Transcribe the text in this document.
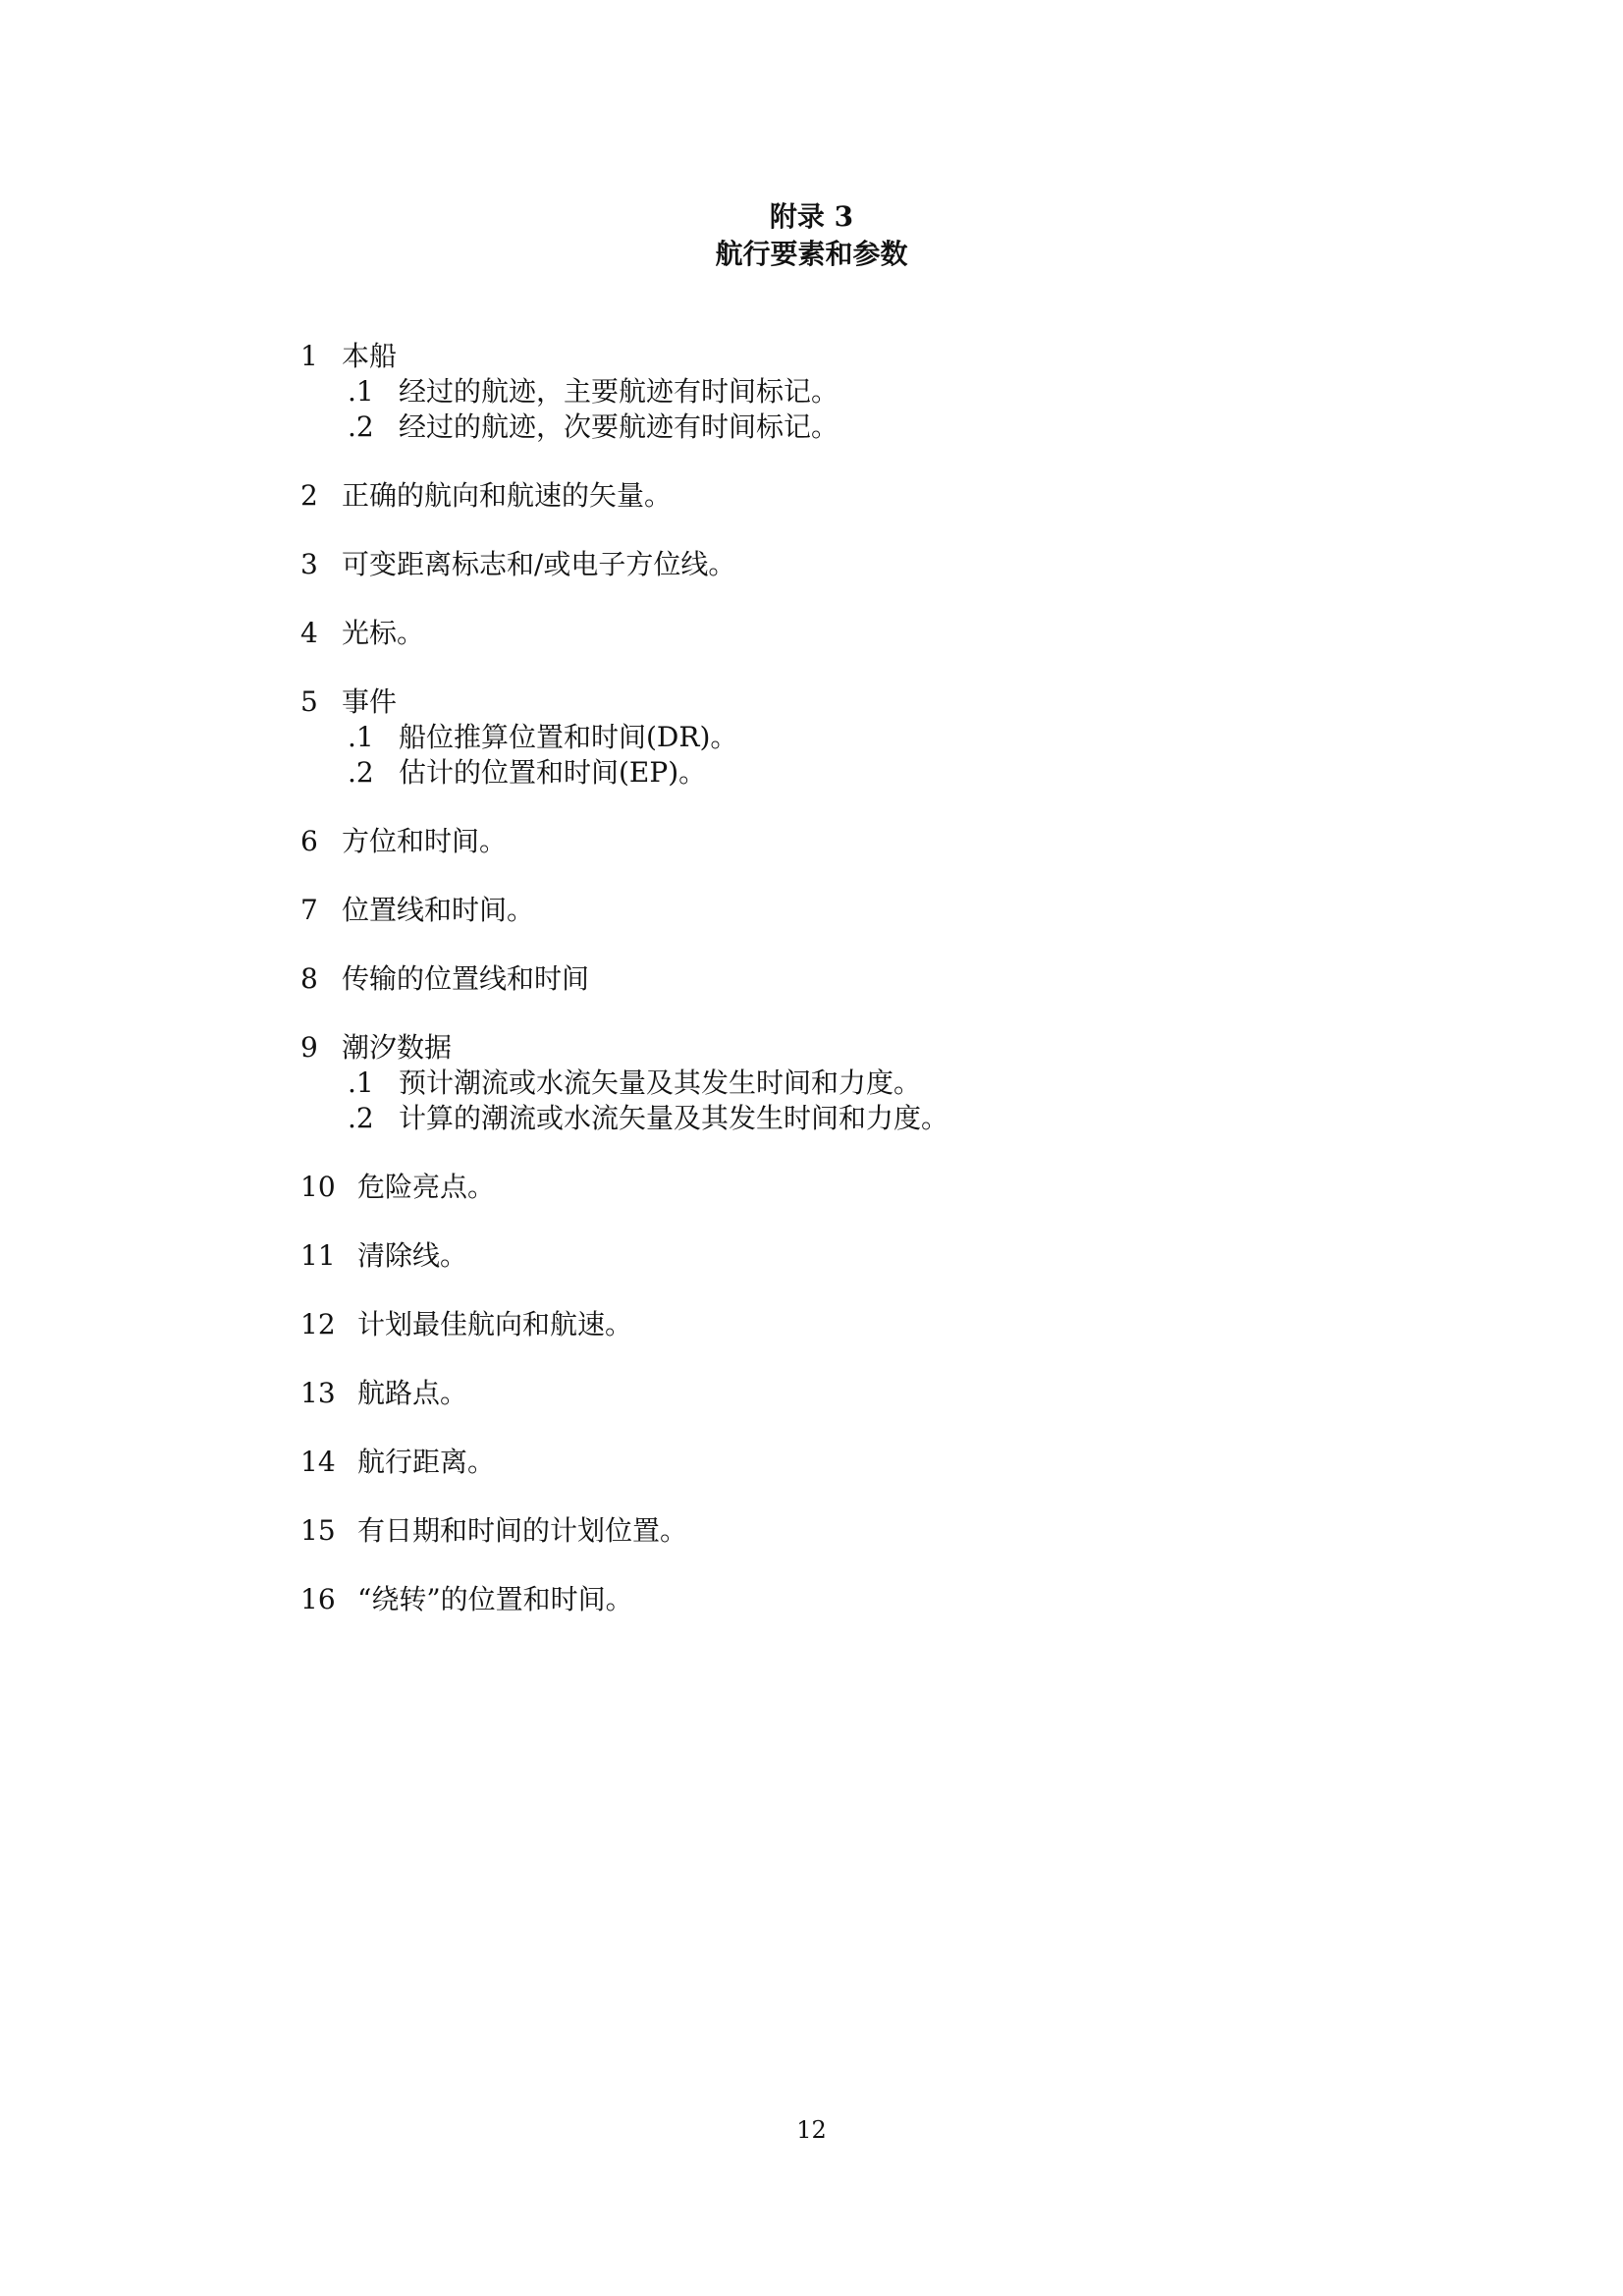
附录 3
航行要素和参数
1 本船
.1 经过的航迹，主要航迹有时间标记。
.2 经过的航迹，次要航迹有时间标记。
2 正确的航向和航速的矢量。
3 可变距离标志和/或电子方位线。
4 光标。
5 事件
.1 船位推算位置和时间(DR)。
.2 估计的位置和时间(EP)。
6 方位和时间。
7 位置线和时间。
8 传输的位置线和时间
9 潮汐数据
.1 预计潮流或水流矢量及其发生时间和力度。
.2 计算的潮流或水流矢量及其发生时间和力度。
10 危险亮点。
11 清除线。
12 计划最佳航向和航速。
13 航路点。
14 航行距离。
15 有日期和时间的计划位置。
16 “绕转”的位置和时间。
12
